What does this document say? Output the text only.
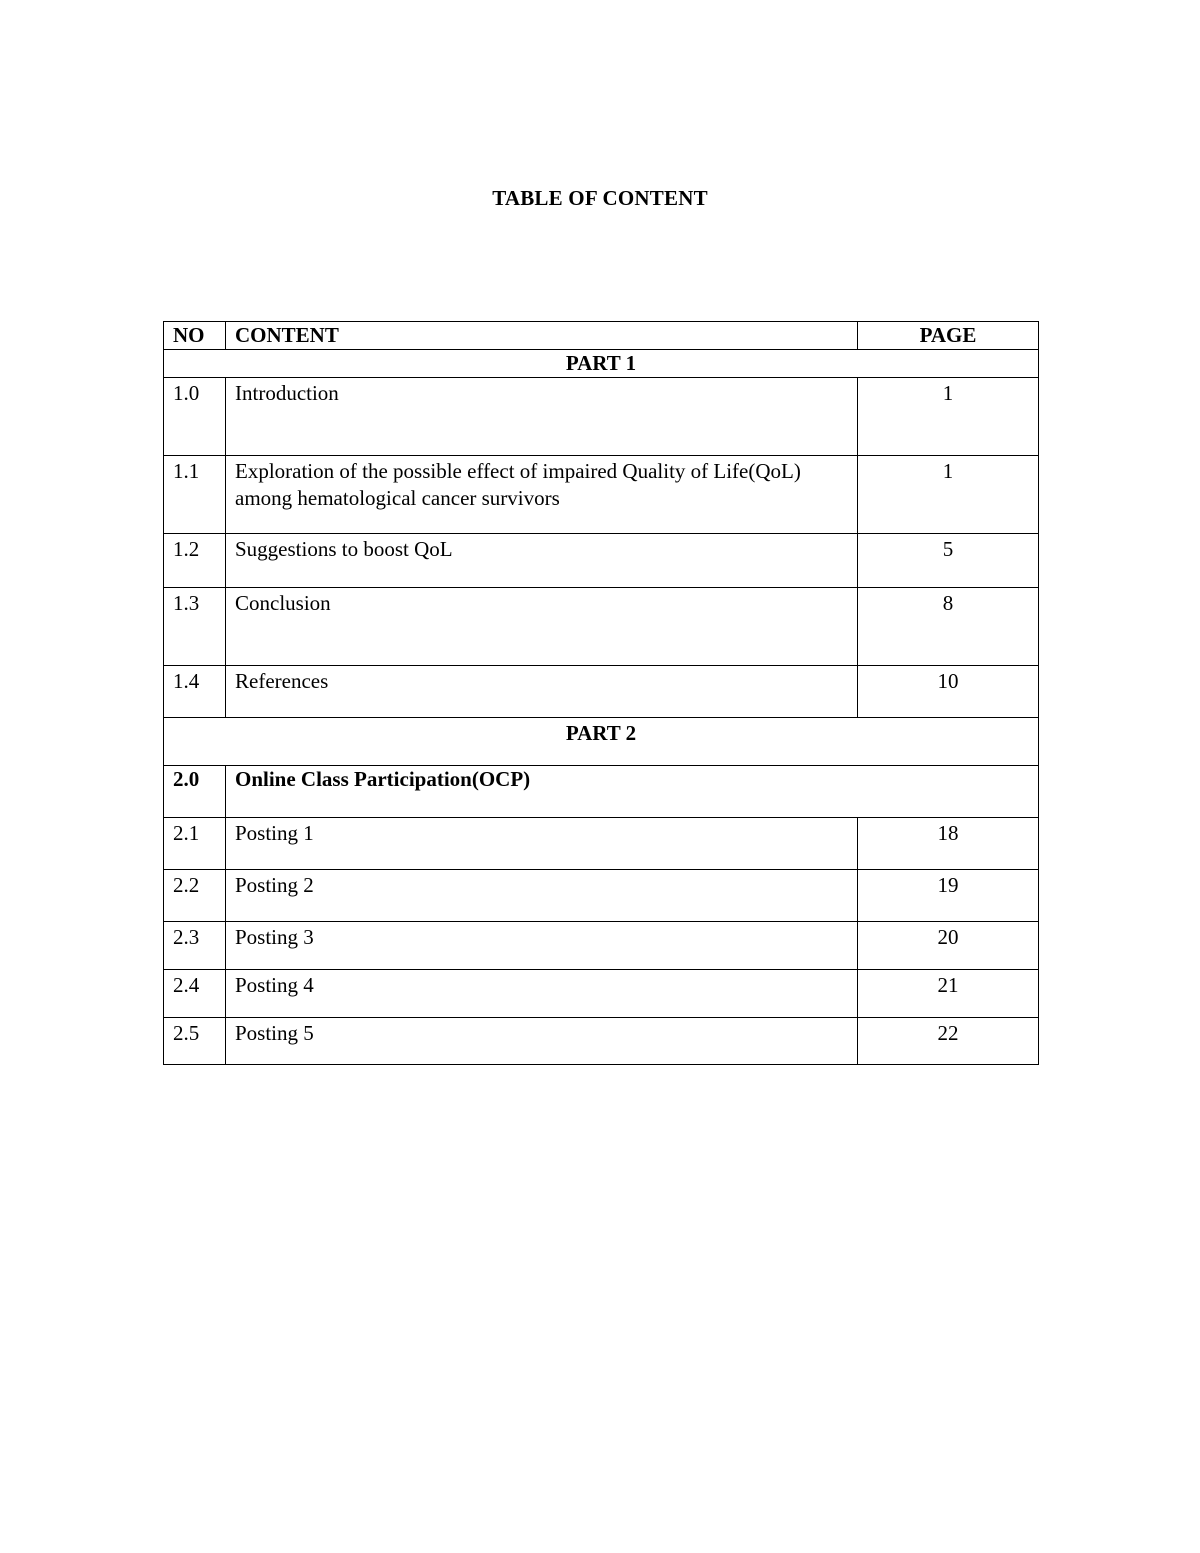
TABLE OF CONTENT
NO	CONTENT	PAGE
PART 1		
1.0	Introduction	1
1.1	Exploration of the possible effect of impaired Quality of Life(QoL) among hematological cancer survivors	1
1.2	Suggestions to boost QoL	5
1.3	Conclusion	8
1.4	References	10
PART 2		
2.0	Online Class Participation(OCP)	
2.1	Posting 1	18
2.2	Posting 2	19
2.3	Posting 3	20
2.4	Posting 4	21
2.5	Posting 5	22
